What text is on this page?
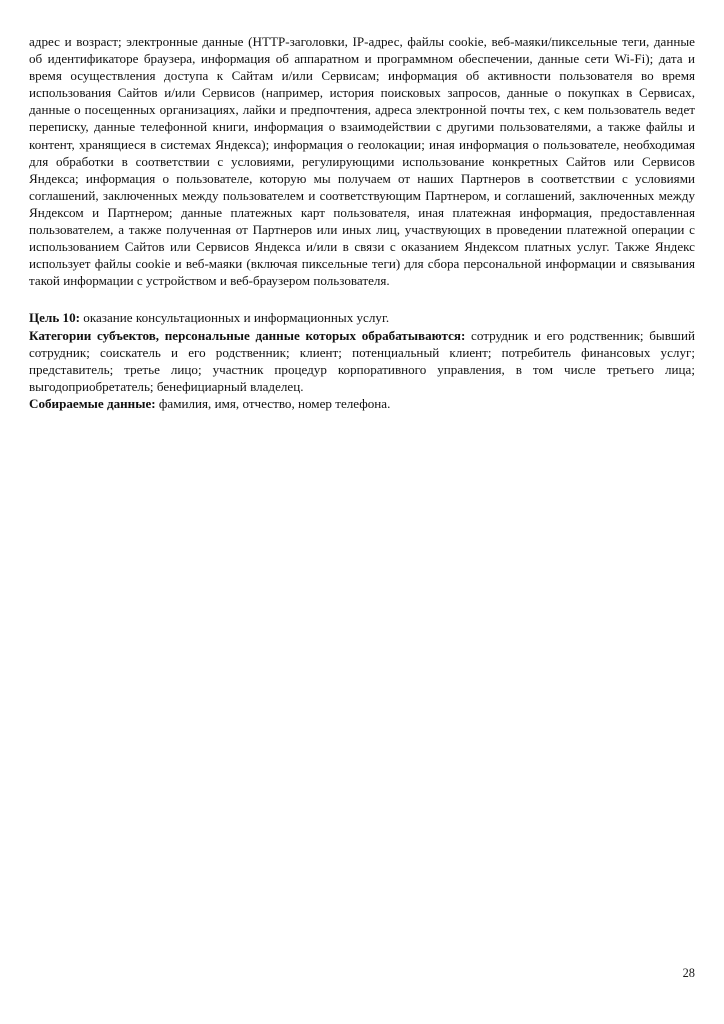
адрес и возраст; электронные данные (HTTP-заголовки, IP-адрес, файлы cookie, веб-маяки/пиксельные теги, данные об идентификаторе браузера, информация об аппаратном и программном обеспечении, данные сети Wi-Fi); дата и время осуществления доступа к Сайтам и/или Сервисам; информация об активности пользователя во время использования Сайтов и/или Сервисов (например, история поисковых запросов, данные о покупках в Сервисах, данные о посещенных организациях, лайки и предпочтения, адреса электронной почты тех, с кем пользователь ведет переписку, данные телефонной книги, информация о взаимодействии с другими пользователями, а также файлы и контент, хранящиеся в системах Яндекса); информация о геолокации; иная информация о пользователе, необходимая для обработки в соответствии с условиями, регулирующими использование конкретных Сайтов или Сервисов Яндекса; информация о пользователе, которую мы получаем от наших Партнеров в соответствии с условиями соглашений, заключенных между пользователем и соответствующим Партнером, и соглашений, заключенных между Яндексом и Партнером; данные платежных карт пользователя, иная платежная информация, предоставленная пользователем, а также полученная от Партнеров или иных лиц, участвующих в проведении платежной операции с использованием Сайтов или Сервисов Яндекса и/или в связи с оказанием Яндексом платных услуг. Также Яндекс использует файлы cookie и веб-маяки (включая пиксельные теги) для сбора персональной информации и связывания такой информации с устройством и веб-браузером пользователя.

Цель 10: оказание консультационных и информационных услуг.

Категории субъектов, персональные данные которых обрабатываются: сотрудник и его родственник; бывший сотрудник; соискатель и его родственник; клиент; потенциальный клиент; потребитель финансовых услуг; представитель; третье лицо; участник процедур корпоративного управления, в том числе третьего лица; выгодоприобретатель; бенефициарный владелец.

Собираемые данные: фамилия, имя, отчество, номер телефона.

28
